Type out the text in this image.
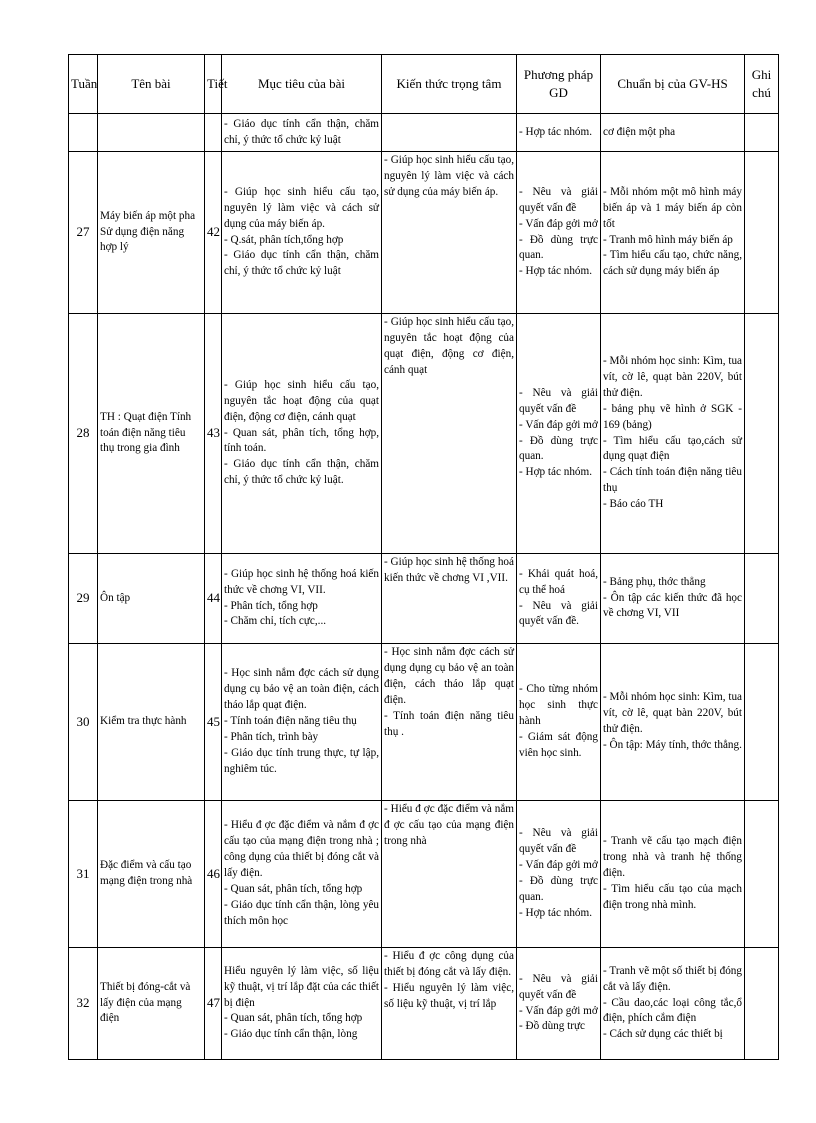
Tuần	Tên bài	Tiết	Mục tiêu của bài	Kiến thức trọng tâm	Phương pháp GD	Chuẩn bị của GV-HS	Ghi chú

			- Giáo dục tính cẩn thận, chăm chỉ, ý thức tổ chức kỷ luật		- Hợp tác nhóm.	cơ điện một pha	

27	Máy biến áp một pha Sử dụng điện năng hợp lý	42	- Giúp học sinh hiểu cấu tạo, nguyên lý làm việc và cách sử dụng của máy biến áp.
- Q.sát, phân tích,tổng hợp
- Giáo dục tính cẩn thận, chăm chỉ, ý thức tổ chức kỷ luật	- Giúp học sinh hiểu cấu tạo, nguyên lý làm việc và cách sử dụng của máy biến áp.	- Nêu và giải quyết vấn đề
- Vấn đáp gởi mở
- Đồ dùng trực quan.
- Hợp tác nhóm.	- Mỗi nhóm một mô hình máy biến áp và 1 máy biến áp còn tốt
- Tranh mô hình máy biến áp
- Tìm hiểu cấu tạo, chức năng, cách sử dụng máy biến áp	

28	TH : Quạt điện Tính toán điện năng tiêu thụ trong gia đình	43	- Giúp học sinh hiểu cấu tạo, nguyên tắc hoạt động của quạt điện, động cơ điện, cánh quạt
- Quan sát, phân tích, tổng hợp, tính toán.
- Giáo dục tính cẩn thận, chăm chỉ, ý thức tổ chức kỷ luật.	- Giúp học sinh hiểu cấu tạo, nguyên tắc hoạt động của quạt điện, động cơ điện, cánh quạt	- Nêu và giải quyết vấn đề
- Vấn đáp gởi mở
- Đồ dùng trực quan.
- Hợp tác nhóm.	- Mỗi nhóm học sinh: Kìm, tua vít, cờ lê, quạt bàn 220V, bút thử điện.
- bảng phụ vẽ hình ở SGK - 169 (bảng)
- Tìm hiểu cấu tạo,cách sử dụng quạt điện
- Cách tính toán điện năng tiêu thụ
- Báo cáo TH	

29	Ôn tập	44	- Giúp học sinh hệ thống hoá kiến thức về chơng VI, VII.
- Phân tích, tổng hợp
- Chăm chỉ, tích cực,...	- Giúp học sinh hệ thống hoá kiến thức về chơng VI ,VII.	- Khái quát hoá, cụ thể hoá
- Nêu và giải quyết vấn đề.	- Bảng phụ, thớc thẳng
- Ôn tập các kiến thức đã học về chơng VI, VII	

30	Kiểm tra thực hành	45	- Học sinh nắm đợc cách sử dụng dụng cụ bảo vệ an toàn điện, cách tháo lắp quạt điện.
- Tính toán điện năng tiêu thụ
- Phân tích, trình bày
- Giáo dục tính trung thực, tự lập, nghiêm túc.	- Học sinh nắm đợc cách sử dụng dụng cụ bảo vệ an toàn điện, cách tháo lắp quạt điện.
- Tính toán điện năng tiêu thụ .	- Cho từng nhóm học sinh thực hành
- Giám sát động viên học sinh.	- Mỗi nhóm học sinh: Kìm, tua vít, cờ lê, quạt bàn 220V, bút thử điện.
- Ôn tập: Máy tính, thớc thẳng.	

31	Đặc điểm và cấu tạo mạng điện trong nhà	46	- Hiểu đ ợc đặc điểm và nắm đ ợc cấu tạo của mạng điện trong nhà ; công dụng của thiết bị đóng cắt và lấy điện.
- Quan sát, phân tích, tổng hợp
- Giáo dục tính cẩn thận, lòng yêu thích môn học	- Hiểu đ ợc đặc điểm và nắm đ ợc cấu tạo của mạng điện trong nhà	- Nêu và giải quyết vấn đề
- Vấn đáp gởi mở
- Đồ dùng trực quan.
- Hợp tác nhóm.	- Tranh vẽ cấu tạo mạch điện trong nhà và tranh hệ thống điện.
- Tìm hiểu cấu tạo của mạch điện trong nhà mình.	

32	Thiết bị đóng-cắt và lấy điện của mạng điện	47	Hiểu nguyên lý làm việc, số liệu kỹ thuật, vị trí lắp đặt của các thiết bị điện
- Quan sát, phân tích, tổng hợp
- Giáo dục tính cẩn thận, lòng	- Hiểu đ ợc công dụng của thiết bị đóng cắt và lấy điện.
- Hiểu nguyên lý làm việc, số liệu kỹ thuật, vị trí lắp	- Nêu và giải quyết vấn đề
- Vấn đáp gởi mở
- Đồ dùng trực	- Tranh vẽ một số thiết bị đóng cắt và lấy điện.
- Cầu dao,các loại công tắc,ổ điện, phích cắm điện
- Cách sử dụng các thiết bị	
